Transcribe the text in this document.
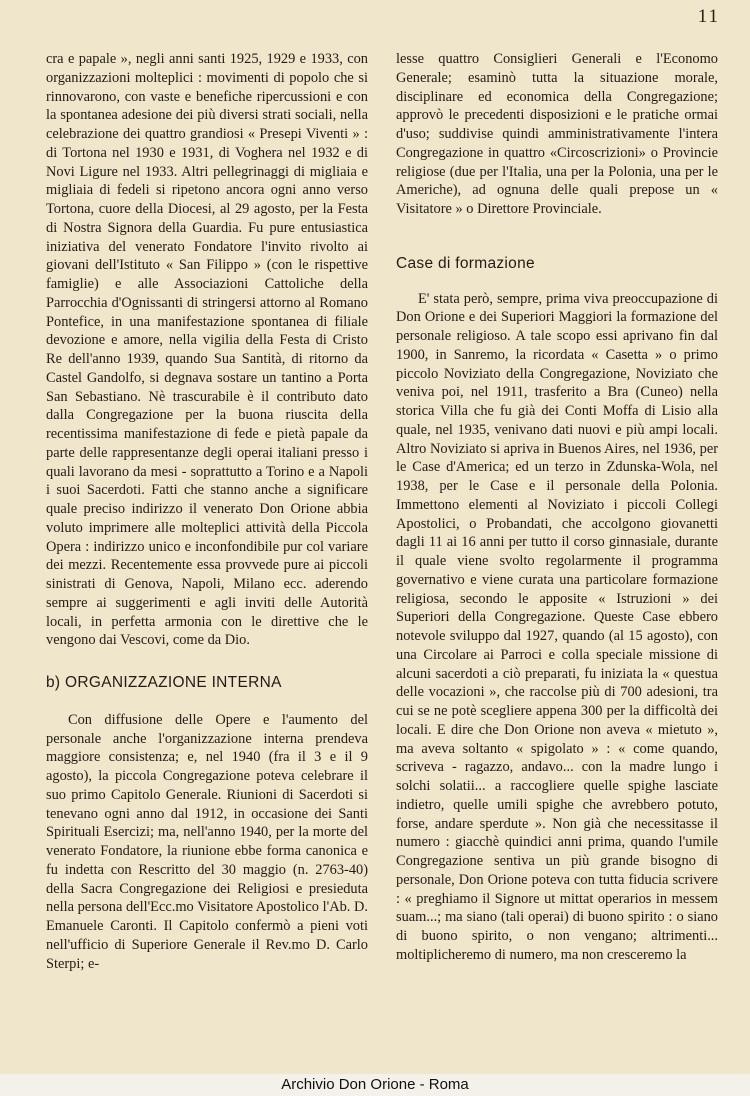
11

cra e papale », negli anni santi 1925, 1929 e 1933, con organizzazioni molteplici : movimenti di popolo che si rinnovarono, con vaste e benefiche ripercussioni e con la spontanea adesione dei più diversi strati sociali, nella celebrazione dei quattro grandiosi « Presepi Viventi » : di Tortona nel 1930 e 1931, di Voghera nel 1932 e di Novi Ligure nel 1933. Altri pellegrinaggi di migliaia e migliaia di fedeli si ripetono ancora ogni anno verso Tortona, cuore della Diocesi, al 29 agosto, per la Festa di Nostra Signora della Guardia. Fu pure entusiastica iniziativa del venerato Fondatore l'invito rivolto ai giovani dell'Istituto « San Filippo » (con le rispettive famiglie) e alle Associazioni Cattoliche della Parrocchia d'Ognissanti di stringersi attorno al Romano Pontefice, in una manifestazione spontanea di filiale devozione e amore, nella vigilia della Festa di Cristo Re dell'anno 1939, quando Sua Santità, di ritorno da Castel Gandolfo, si degnava sostare un tantino a Porta San Sebastiano. Nè trascurabile è il contributo dato dalla Congregazione per la buona riuscita della recentissima manifestazione di fede e pietà papale da parte delle rappresentanze degli operai italiani presso i quali lavorano da mesi - soprattutto a Torino e a Napoli i suoi Sacerdoti. Fatti che stanno anche a significare quale preciso indirizzo il venerato Don Orione abbia voluto imprimere alle molteplici attività della Piccola Opera : indirizzo unico e inconfondibile pur col variare dei mezzi. Recentemente essa provvede pure ai piccoli sinistrati di Genova, Napoli, Milano ecc. aderendo sempre ai suggerimenti e agli inviti delle Autorità locali, in perfetta armonia con le direttive che le vengono dai Vescovi, come da Dio.

b) ORGANIZZAZIONE INTERNA

Con diffusione delle Opere e l'aumento del personale anche l'organizzazione interna prendeva maggiore consistenza; e, nel 1940 (fra il 3 e il 9 agosto), la piccola Congregazione poteva celebrare il suo primo Capitolo Generale. Riunioni di Sacerdoti si tenevano ogni anno dal 1912, in occasione dei Santi Spirituali Esercizi; ma, nell'anno 1940, per la morte del venerato Fondatore, la riunione ebbe forma canonica e fu indetta con Rescritto del 30 maggio (n. 2763-40) della Sacra Congregazione dei Religiosi e presieduta nella persona dell'Ecc.mo Visitatore Apostolico l'Ab. D. Emanuele Caronti. Il Capitolo confermò a pieni voti nell'ufficio di Superiore Generale il Rev.mo D. Carlo Sterpi; e-

lesse quattro Consiglieri Generali e l'Economo Generale; esaminò tutta la situazione morale, disciplinare ed economica della Congregazione; approvò le precedenti disposizioni e le pratiche ormai d'uso; suddivise quindi amministrativamente l'intera Congregazione in quattro «Circoscrizioni» o Provincie religiose (due per l'Italia, una per la Polonia, una per le Americhe), ad ognuna delle quali prepose un « Visitatore » o Direttore Provinciale.

Case di formazione

E' stata però, sempre, prima viva preoccupazione di Don Orione e dei Superiori Maggiori la formazione del personale religioso. A tale scopo essi aprivano fin dal 1900, in Sanremo, la ricordata « Casetta » o primo piccolo Noviziato della Congregazione, Noviziato che veniva poi, nel 1911, trasferito a Bra (Cuneo) nella storica Villa che fu già dei Conti Moffa di Lisio alla quale, nel 1935, venivano dati nuovi e più ampi locali. Altro Noviziato si apriva in Buenos Aires, nel 1936, per le Case d'America; ed un terzo in Zdunska-Wola, nel 1938, per le Case e il personale della Polonia. Immettono elementi al Noviziato i piccoli Collegi Apostolici, o Probandati, che accolgono giovanetti dagli 11 ai 16 anni per tutto il corso ginnasiale, durante il quale viene svolto regolarmente il programma governativo e viene curata una particolare formazione religiosa, secondo le apposite « Istruzioni » dei Superiori della Congregazione. Queste Case ebbero notevole sviluppo dal 1927, quando (al 15 agosto), con una Circolare ai Parroci e colla speciale missione di alcuni sacerdoti a ciò preparati, fu iniziata la « questua delle vocazioni », che raccolse più di 700 adesioni, tra cui se ne potè scegliere appena 300 per la difficoltà dei locali. E dire che Don Orione non aveva « mietuto », ma aveva soltanto « spigolato » : « come quando, scriveva - ragazzo, andavo... con la madre lungo i solchi solatii... a raccogliere quelle spighe lasciate indietro, quelle umili spighe che avrebbero potuto, forse, andare sperdute ». Non già che necessitasse il numero : giacchè quindici anni prima, quando l'umile Congregazione sentiva un più grande bisogno di personale, Don Orione poteva con tutta fiducia scrivere : « preghiamo il Signore ut mittat operarios in messem suam...; ma siano (tali operai) di buono spirito : o siano di buono spirito, o non vengano; altrimenti... moltiplicheremo di numero, ma non cresceremo la

Archivio Don Orione - Roma
